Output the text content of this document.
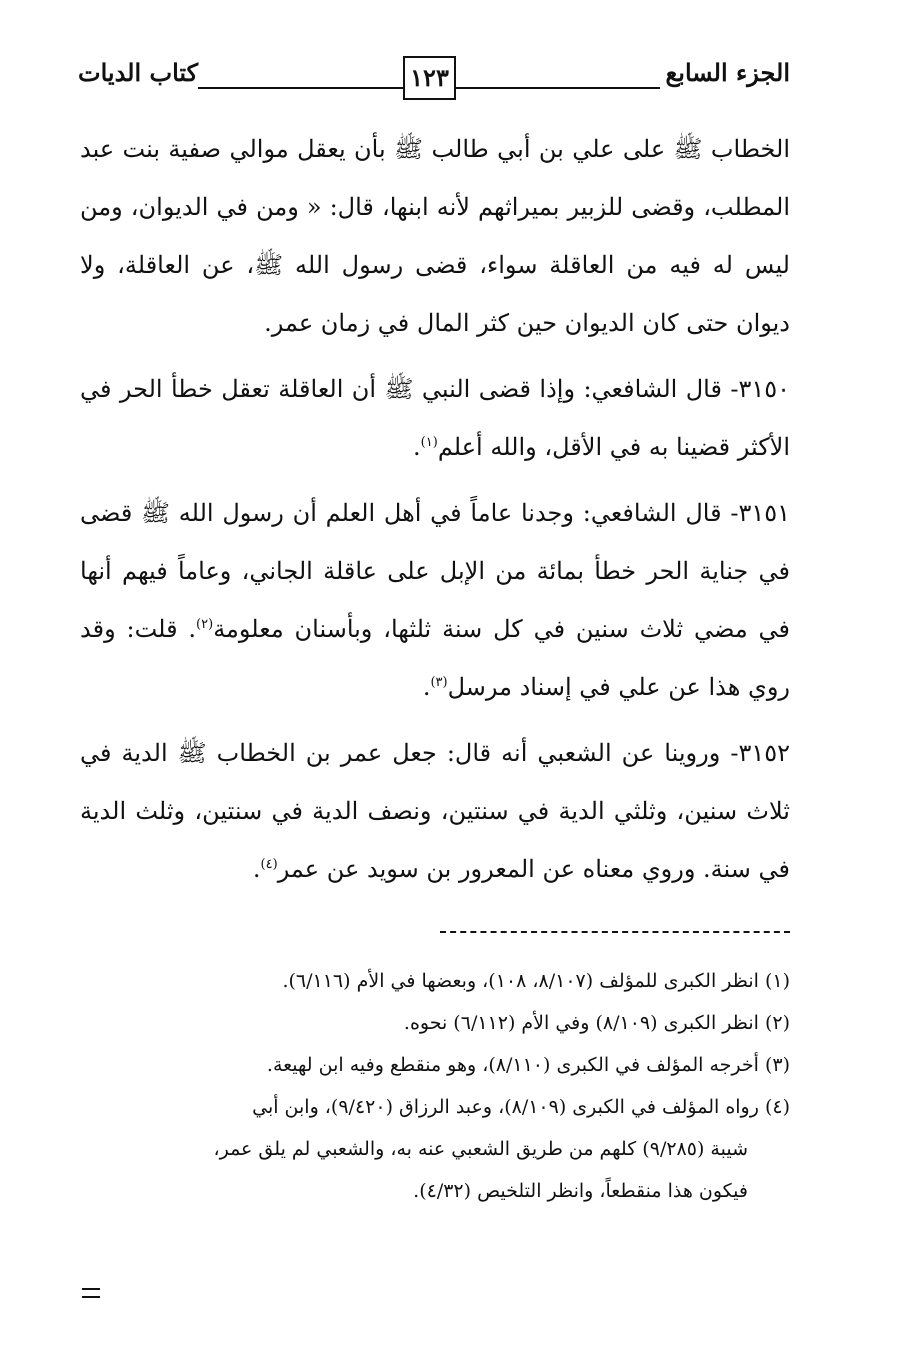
كتاب الديات	١٢٣	الجزء السابع

الخطاب ﷺ على علي بن أبي طالب ﷺ بأن يعقل موالي صفية بنت عبد المطلب، وقضى للزبير بميراثهم لأنه ابنها، قال: « ومن في الديوان، ومن ليس له فيه من العاقلة سواء، قضى رسول الله ﷺ، عن العاقلة، ولا ديوان حتى كان الديوان حين كثر المال في زمان عمر.

٣١٥٠- قال الشافعي: وإذا قضى النبي ﷺ أن العاقلة تعقل خطأ الحر في الأكثر قضينا به في الأقل، والله أعلم$^{(١)}$.

٣١٥١- قال الشافعي: وجدنا عاماً في أهل العلم أن رسول الله ﷺ قضى في جناية الحر خطأ بمائة من الإبل على عاقلة الجاني، وعاماً فيهم أنها في مضي ثلاث سنين في كل سنة ثلثها، وبأسنان معلومة$^{(٢)}$. قلت: وقد روي هذا عن علي في إسناد مرسل$^{(٣)}$.

٣١٥٢- وروينا عن الشعبي أنه قال: جعل عمر بن الخطاب ﷺ الدية في ثلاث سنين، وثلثي الدية في سنتين، ونصف الدية في سنتين، وثلث الدية في سنة. وروي معناه عن المعرور بن سويد عن عمر$^{(٤)}$.

(١) انظر الكبرى للمؤلف (٨/١٠٧، ١٠٨)، وبعضها في الأم (٦/١١٦).

(٢) انظر الكبرى (٨/١٠٩) وفي الأم (٦/١١٢) نحوه.

(٣) أخرجه المؤلف في الكبرى (٨/١١٠)، وهو منقطع وفيه ابن لهيعة.

(٤) رواه المؤلف في الكبرى (٨/١٠٩)، وعبد الرزاق (٩/٤٢٠)، وابن أبي

شيبة (٩/٢٨٥) كلهم من طريق الشعبي عنه به، والشعبي لم يلق عمر،

فيكون هذا منقطعاً، وانظر التلخيص (٤/٣٢).
